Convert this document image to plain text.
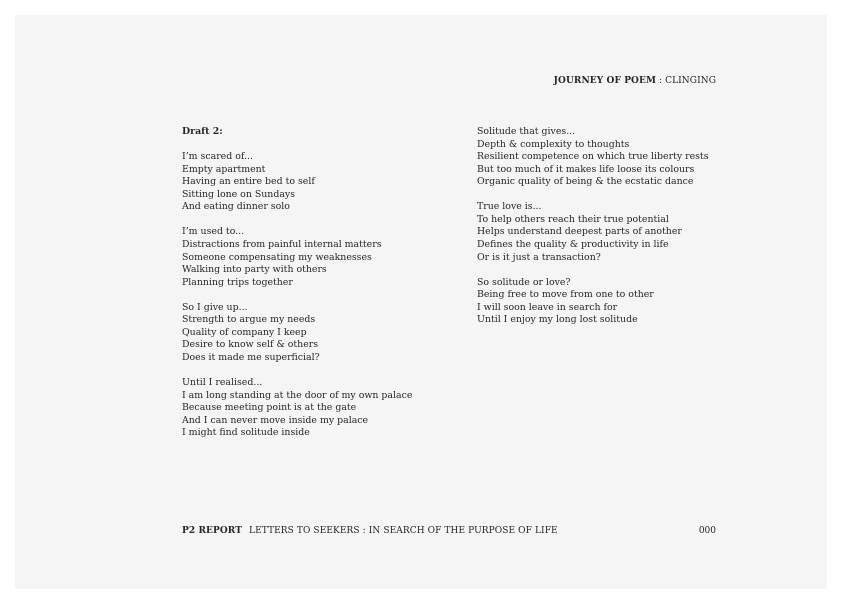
JOURNEY OF POEM : CLINGING
Draft 2:
I’m scared of...
Empty apartment
Having an entire bed to self
Sitting lone on Sundays
And eating dinner solo
I’m used to...
Distractions from painful internal matters
Someone compensating my weaknesses
Walking into party with others
Planning trips together
So I give up...
Strength to argue my needs
Quality of company I keep
Desire to know self & others
Does it made me superficial?
Until I realised...
I am long standing at the door of my own palace
Because meeting point is at the gate
And I can never move inside my palace
I might find solitude inside
Solitude that gives...
Depth & complexity to thoughts
Resilient competence on which true liberty rests
But too much of it makes life loose its colours
Organic quality of being & the ecstatic dance
True love is...
To help others reach their true potential
Helps understand deepest parts of another
Defines the quality & productivity in life
Or is it just a transaction?
So solitude or love?
Being free to move from one to other
I will soon leave in search for
Until I enjoy my long lost solitude
P2 REPORT LETTERS TO SEEKERS : IN SEARCH OF THE PURPOSE OF LIFE	000
